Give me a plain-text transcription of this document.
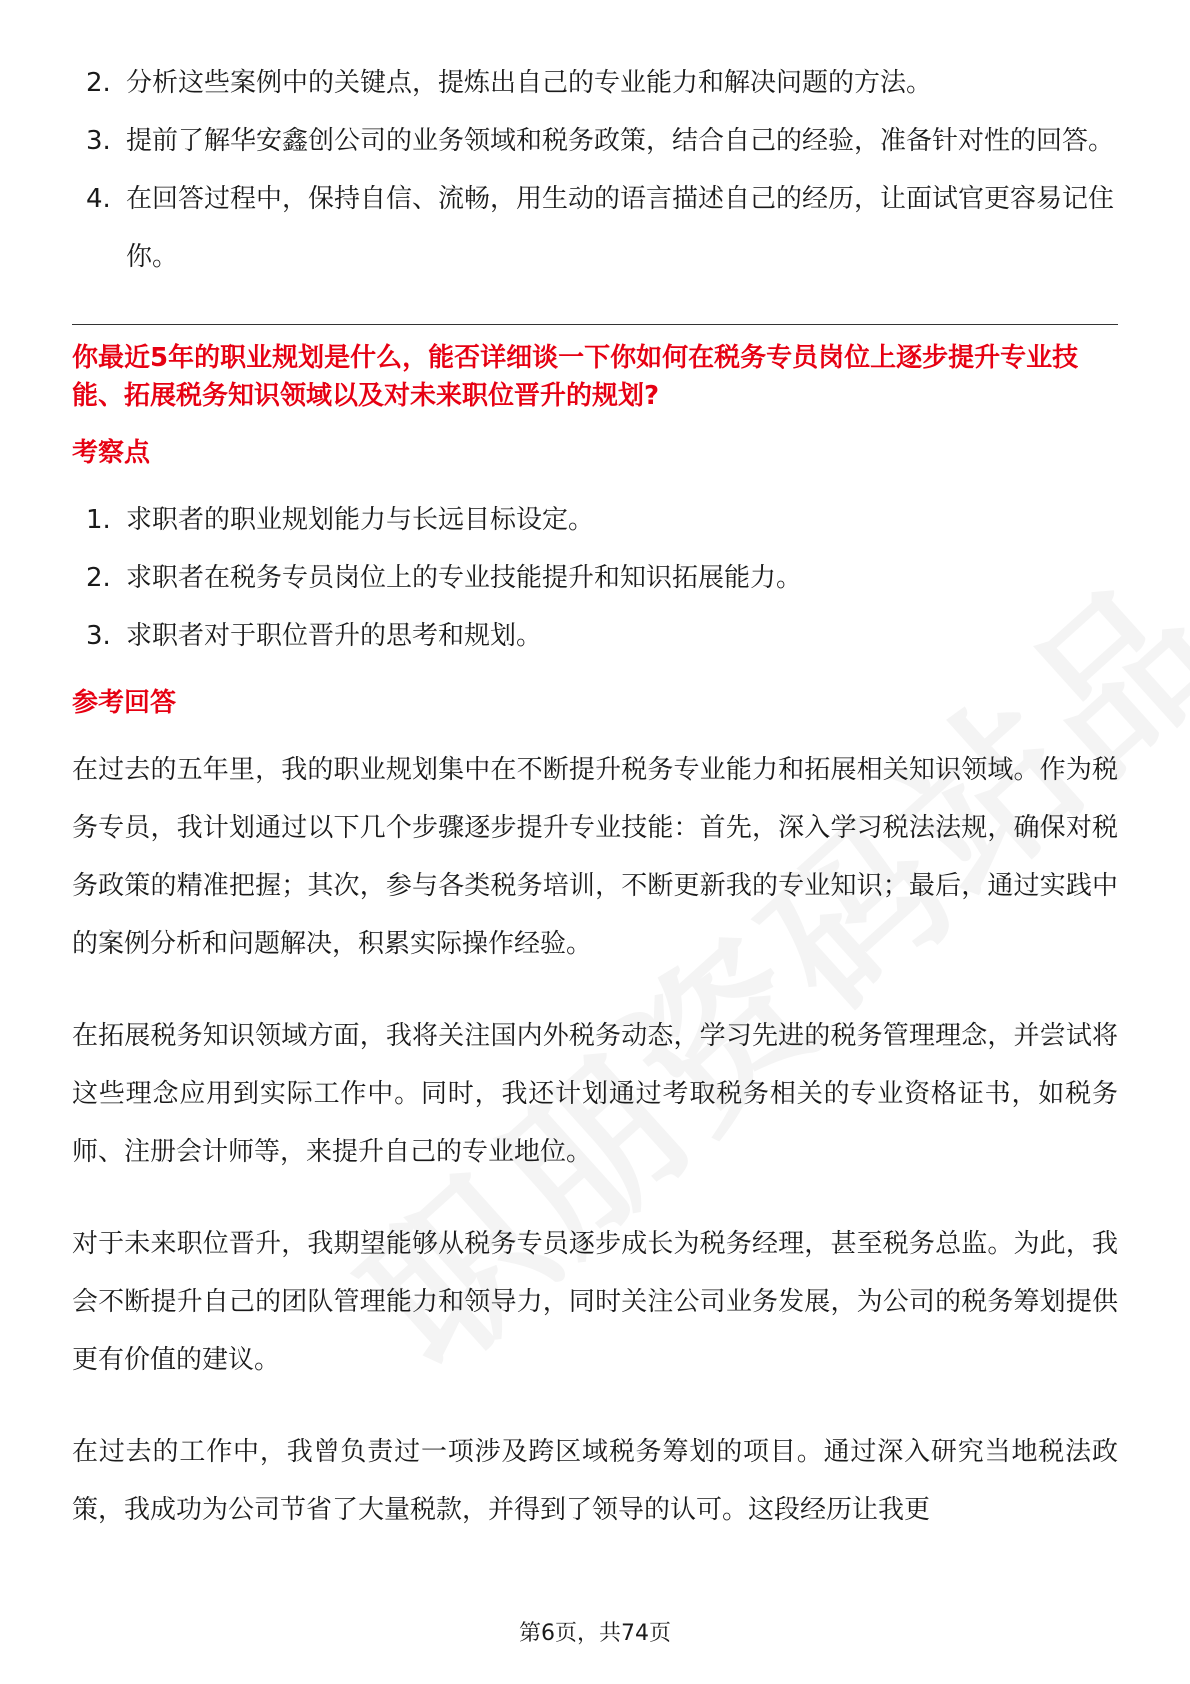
2. 分析这些案例中的关键点，提炼出自己的专业能力和解决问题的方法。
3. 提前了解华安鑫创公司的业务领域和税务政策，结合自己的经验，准备针对性的回答。
4. 在回答过程中，保持自信、流畅，用生动的语言描述自己的经历，让面试官更容易记住你。

你最近5年的职业规划是什么，能否详细谈一下你如何在税务专员岗位上逐步提升专业技能、拓展税务知识领域以及对未来职位晋升的规划?

考察点
1. 求职者的职业规划能力与长远目标设定。
2. 求职者在税务专员岗位上的专业技能提升和知识拓展能力。
3. 求职者对于职位晋升的思考和规划。
参考回答

在过去的五年里，我的职业规划集中在不断提升税务专业能力和拓展相关知识领域。作为税务专员，我计划通过以下几个步骤逐步提升专业技能：首先，深入学习税法法规，确保对税务政策的精准把握；其次，参与各类税务培训，不断更新我的专业知识；最后，通过实践中的案例分析和问题解决，积累实际操作经验。

在拓展税务知识领域方面，我将关注国内外税务动态，学习先进的税务管理理念，并尝试将这些理念应用到实际工作中。同时，我还计划通过考取税务相关的专业资格证书，如税务师、注册会计师等，来提升自己的专业地位。

对于未来职位晋升，我期望能够从税务专员逐步成长为税务经理，甚至税务总监。为此，我会不断提升自己的团队管理能力和领导力，同时关注公司业务发展，为公司的税务筹划提供更有价值的建议。

在过去的工作中，我曾负责过一项涉及跨区域税务筹划的项目。通过深入研究当地税法政策，我成功为公司节省了大量税款，并得到了领导的认可。这段经历让我更

第6页，共74页
